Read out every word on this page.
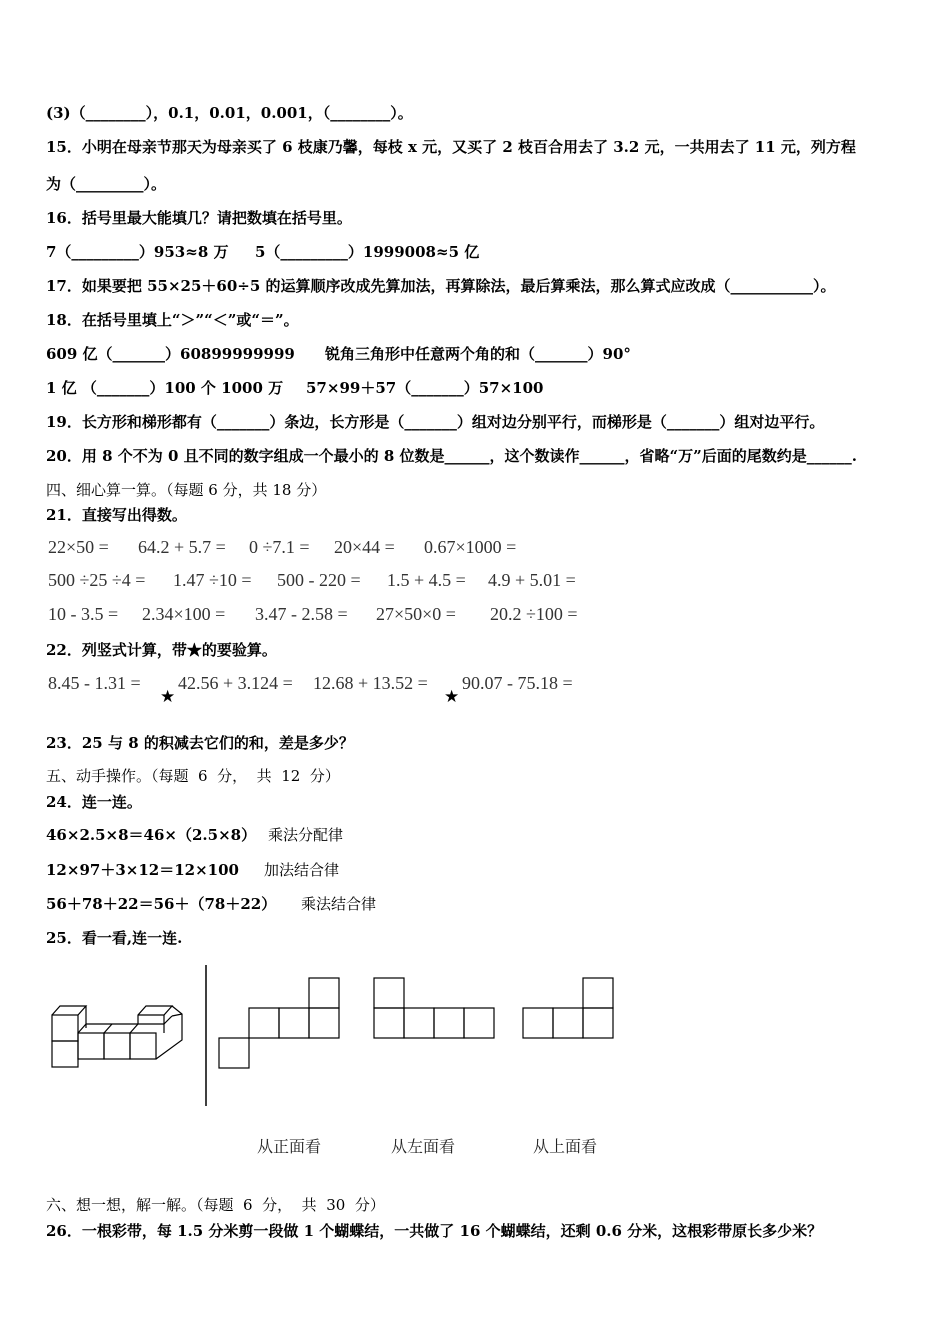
(3)（________），0.1，0.01，0.001，（________）。
15．小明在母亲节那天为母亲买了 6 枝康乃馨，每枝 x 元，又买了 2 枝百合用去了 3.2 元，一共用去了 11 元，列方程
为（_________）。
16．括号里最大能填几？请把数填在括号里。
7（_________）953≈8 万 5（_________）1999008≈5 亿
17．如果要把 55×25＋60÷5 的运算顺序改成先算加法，再算除法，最后算乘法，那么算式应改成（___________）。
18．在括号里填上“＞”“＜”或“＝”。
609 亿（_______）60899999999 锐角三角形中任意两个角的和（_______）90°
1 亿 （_______）100 个 1000 万 57×99＋57（_______）57×100
19．长方形和梯形都有（_______）条边，长方形是（_______）组对边分别平行，而梯形是（_______）组对边平行。
20．用 8 个不为 0 且不同的数字组成一个最小的 8 位数是______，这个数读作______，省略“万”后面的尾数约是______.
四、细心算一算。（每题 6 分，共 18 分）
21．直接写出得数。
22×50 = 64.2 + 5.7 = 0 ÷7.1 = 20×44 = 0.67×1000 =
500 ÷25 ÷4 = 1.47 ÷10 = 500 - 220 = 1.5 + 4.5 = 4.9 + 5.01 =
10 - 3.5 = 2.34×100 = 3.47 - 2.58 = 27×50×0 = 20.2 ÷100 =
22．列竖式计算，带★的要验算。
8.45 - 1.31 =
★
42.56 + 3.124 = 12.68 + 13.52 =
★
90.07 - 75.18 =
23．25 与 8 的积减去它们的和，差是多少？
五、动手操作。（每题  6  分，  共  12  分）
24．连一连。
46×2.5×8＝46×（2.5×8） 乘法分配律
12×97＋3×12＝12×100 加法结合律
56＋78＋22＝56＋（78＋22） 乘法结合律
25．看一看,连一连.
从正面看	从左面看	从上面看
六、想一想，解一解。（每题  6  分，  共  30  分）
26．一根彩带，每 1.5 分米剪一段做 1 个蝴蝶结，一共做了 16 个蝴蝶结，还剩 0.6 分米，这根彩带原长多少米？
